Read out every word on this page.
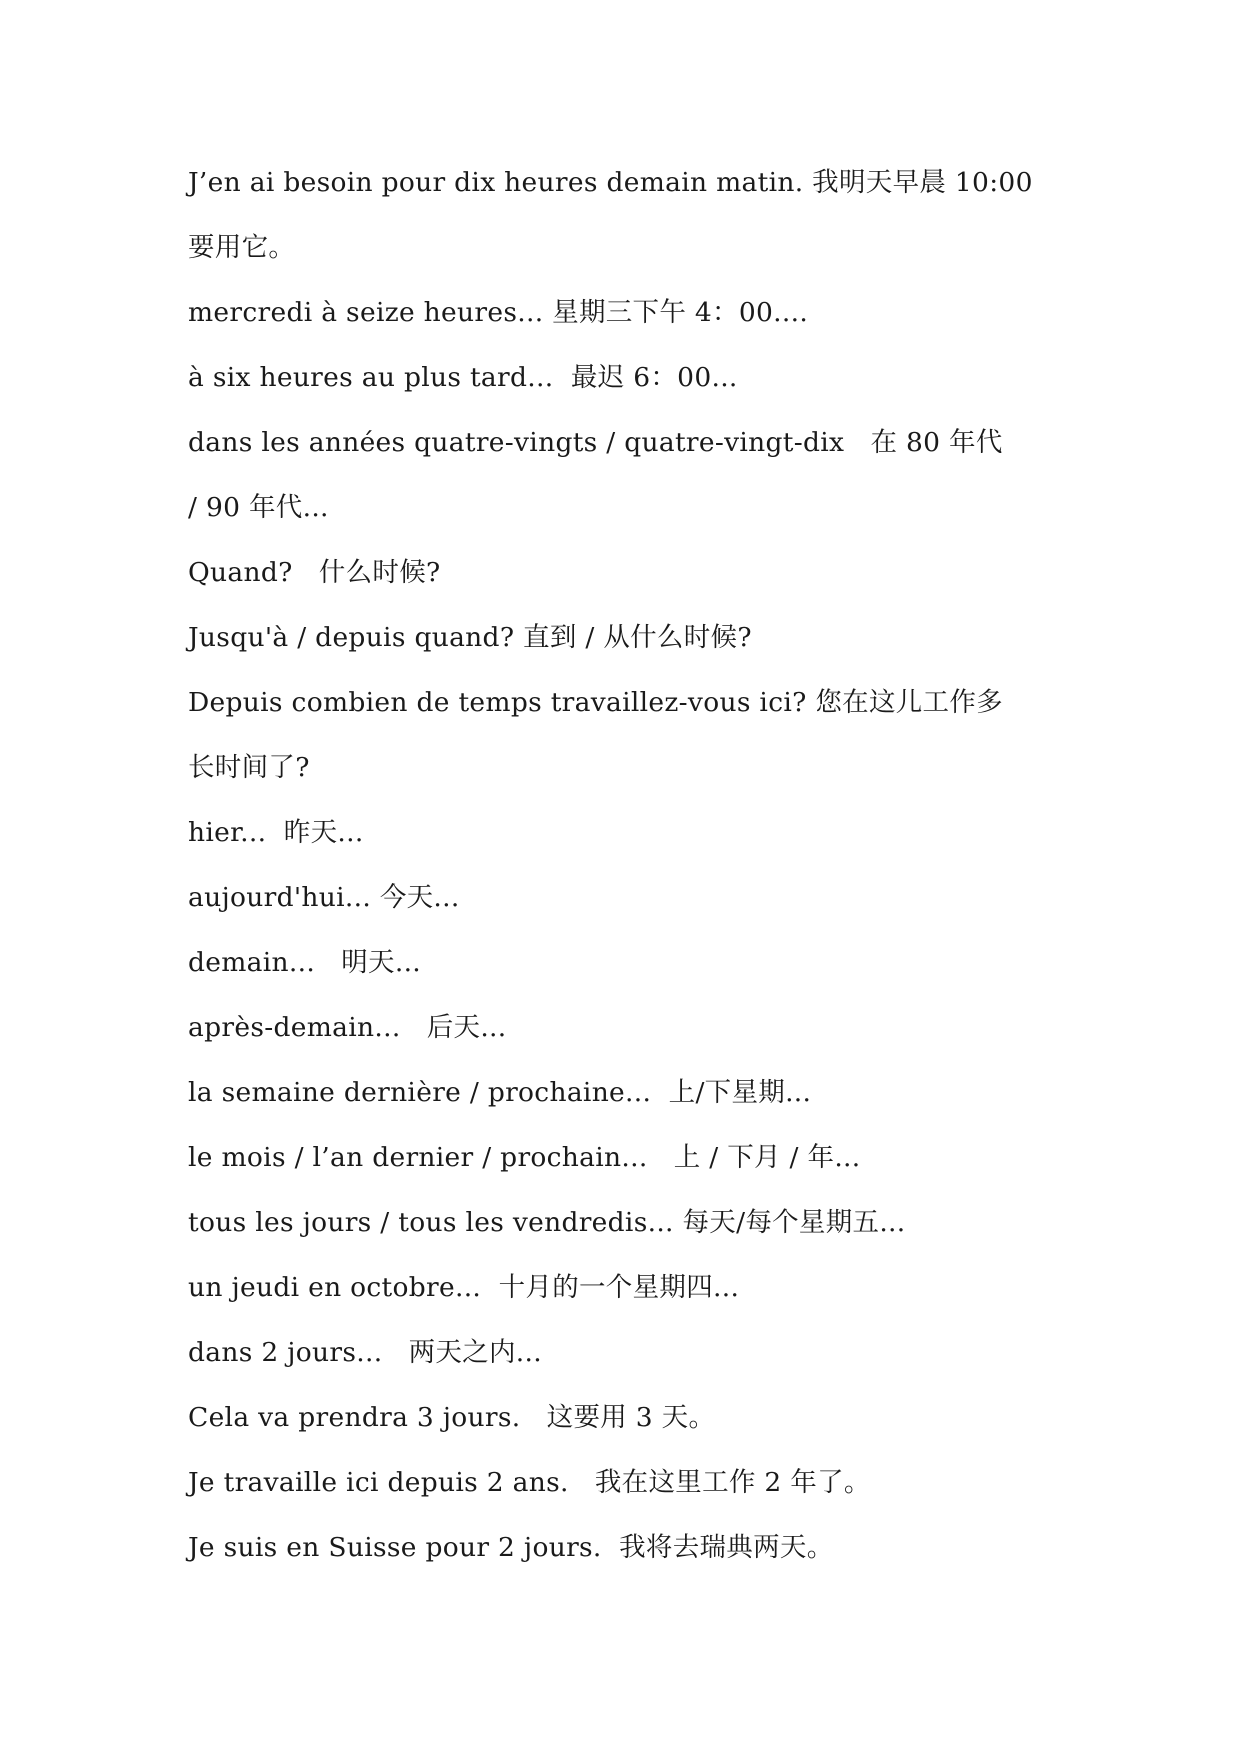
J’en ai besoin pour dix heures demain matin. 我明天早晨 10:00
要用它。
mercredi à seize heures... 星期三下午 4：00....
à six heures au plus tard...  最迟 6：00...
dans les années quatre-vingts / quatre-vingt-dix   在 80 年代
/ 90 年代...
Quand?   什么时候?
Jusqu'à / depuis quand? 直到 / 从什么时候?
Depuis combien de temps travaillez-vous ici? 您在这儿工作多
长时间了?
hier...  昨天...
aujourd'hui... 今天...
demain...   明天...
après-demain...   后天...
la semaine dernière / prochaine...  上/下星期...
le mois / l’an dernier / prochain...   上 / 下月 / 年...
tous les jours / tous les vendredis... 每天/每个星期五...
un jeudi en octobre...  十月的一个星期四...
dans 2 jours...   两天之内...
Cela va prendra 3 jours.   这要用 3 天。
Je travaille ici depuis 2 ans.   我在这里工作 2 年了。
Je suis en Suisse pour 2 jours.  我将去瑞典两天。
